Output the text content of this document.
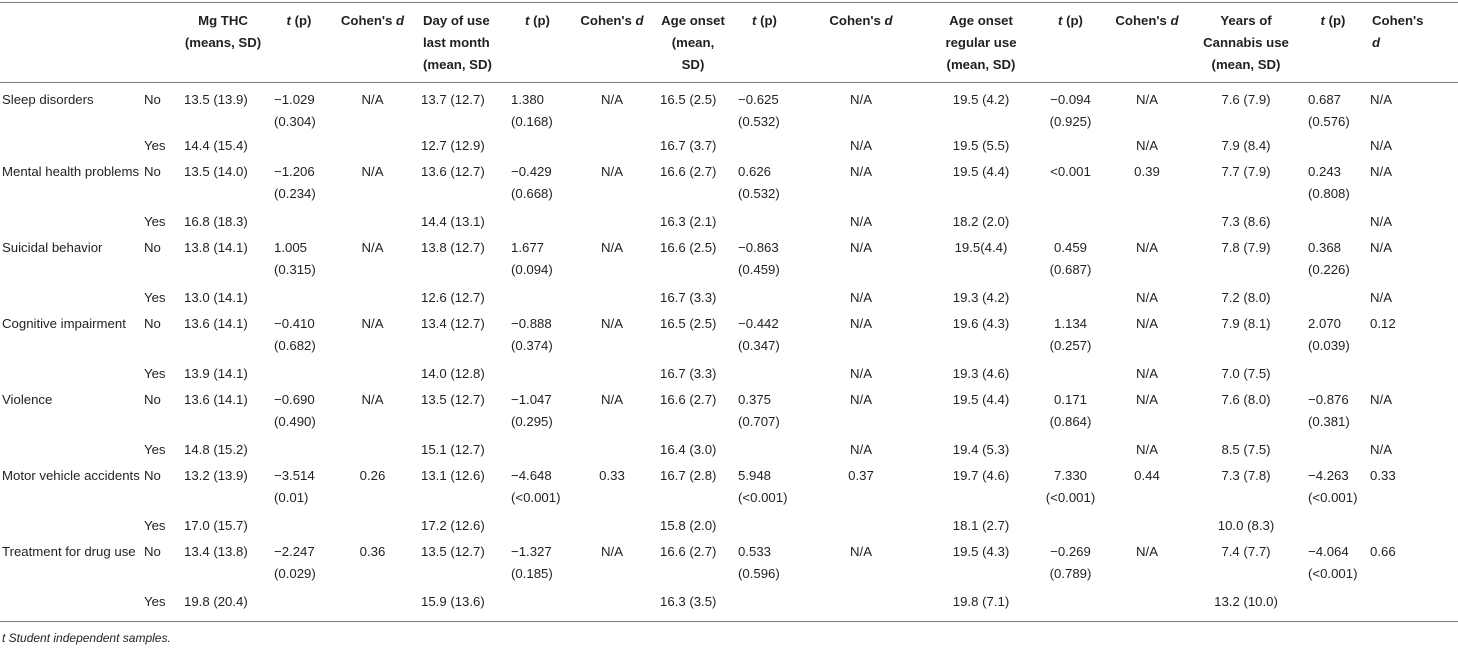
		Mg THC
(means, SD)	t (p)	Cohen's d	Day of use
last month
(mean, SD)	t (p)	Cohen's d	Age onset
(mean,
SD)	t (p)	Cohen's d	Age onset
regular use
(mean, SD)	t (p)	Cohen's d	Years of
Cannabis use
(mean, SD)	t (p)	Cohen's
d
Sleep disorders	No	13.5 (13.9)	−1.029 (0.304)	N/A	13.7 (12.7)	1.380 (0.168)	N/A	16.5 (2.5)	−0.625 (0.532)	N/A	19.5 (4.2)	−0.094 (0.925)	N/A	7.6 (7.9)	0.687 (0.576)	N/A
	Yes	14.4 (15.4)			12.7 (12.9)			16.7 (3.7)		N/A	19.5 (5.5)		N/A	7.9 (8.4)		N/A
Mental health problems	No	13.5 (14.0)	−1.206 (0.234)	N/A	13.6 (12.7)	−0.429 (0.668)	N/A	16.6 (2.7)	0.626 (0.532)	N/A	19.5 (4.4)	<0.001	0.39	7.7 (7.9)	0.243 (0.808)	N/A
	Yes	16.8 (18.3)			14.4 (13.1)			16.3 (2.1)		N/A	18.2 (2.0)			7.3 (8.6)		N/A
Suicidal behavior	No	13.8 (14.1)	1.005 (0.315)	N/A	13.8 (12.7)	1.677 (0.094)	N/A	16.6 (2.5)	−0.863 (0.459)	N/A	19.5(4.4)	0.459 (0.687)	N/A	7.8 (7.9)	0.368 (0.226)	N/A
	Yes	13.0 (14.1)			12.6 (12.7)			16.7 (3.3)		N/A	19.3 (4.2)		N/A	7.2 (8.0)		N/A
Cognitive impairment	No	13.6 (14.1)	−0.410 (0.682)	N/A	13.4 (12.7)	−0.888 (0.374)	N/A	16.5 (2.5)	−0.442 (0.347)	N/A	19.6 (4.3)	1.134 (0.257)	N/A	7.9 (8.1)	2.070 (0.039)	0.12
	Yes	13.9 (14.1)			14.0 (12.8)			16.7 (3.3)		N/A	19.3 (4.6)		N/A	7.0 (7.5)		
Violence	No	13.6 (14.1)	−0.690 (0.490)	N/A	13.5 (12.7)	−1.047 (0.295)	N/A	16.6 (2.7)	0.375 (0.707)	N/A	19.5 (4.4)	0.171 (0.864)	N/A	7.6 (8.0)	−0.876 (0.381)	N/A
	Yes	14.8 (15.2)			15.1 (12.7)			16.4 (3.0)		N/A	19.4 (5.3)		N/A	8.5 (7.5)		N/A
Motor vehicle accidents	No	13.2 (13.9)	−3.514 (0.01)	0.26	13.1 (12.6)	−4.648 (<0.001)	0.33	16.7 (2.8)	5.948 (<0.001)	0.37	19.7 (4.6)	7.330 (<0.001)	0.44	7.3 (7.8)	−4.263 (<0.001)	0.33
	Yes	17.0 (15.7)			17.2 (12.6)			15.8 (2.0)			18.1 (2.7)			10.0 (8.3)		
Treatment for drug use	No	13.4 (13.8)	−2.247 (0.029)	0.36	13.5 (12.7)	−1.327 (0.185)	N/A	16.6 (2.7)	0.533 (0.596)	N/A	19.5 (4.3)	−0.269 (0.789)	N/A	7.4 (7.7)	−4.064 (<0.001)	0.66
	Yes	19.8 (20.4)			15.9 (13.6)			16.3 (3.5)			19.8 (7.1)			13.2 (10.0)		
t Student independent samples.
